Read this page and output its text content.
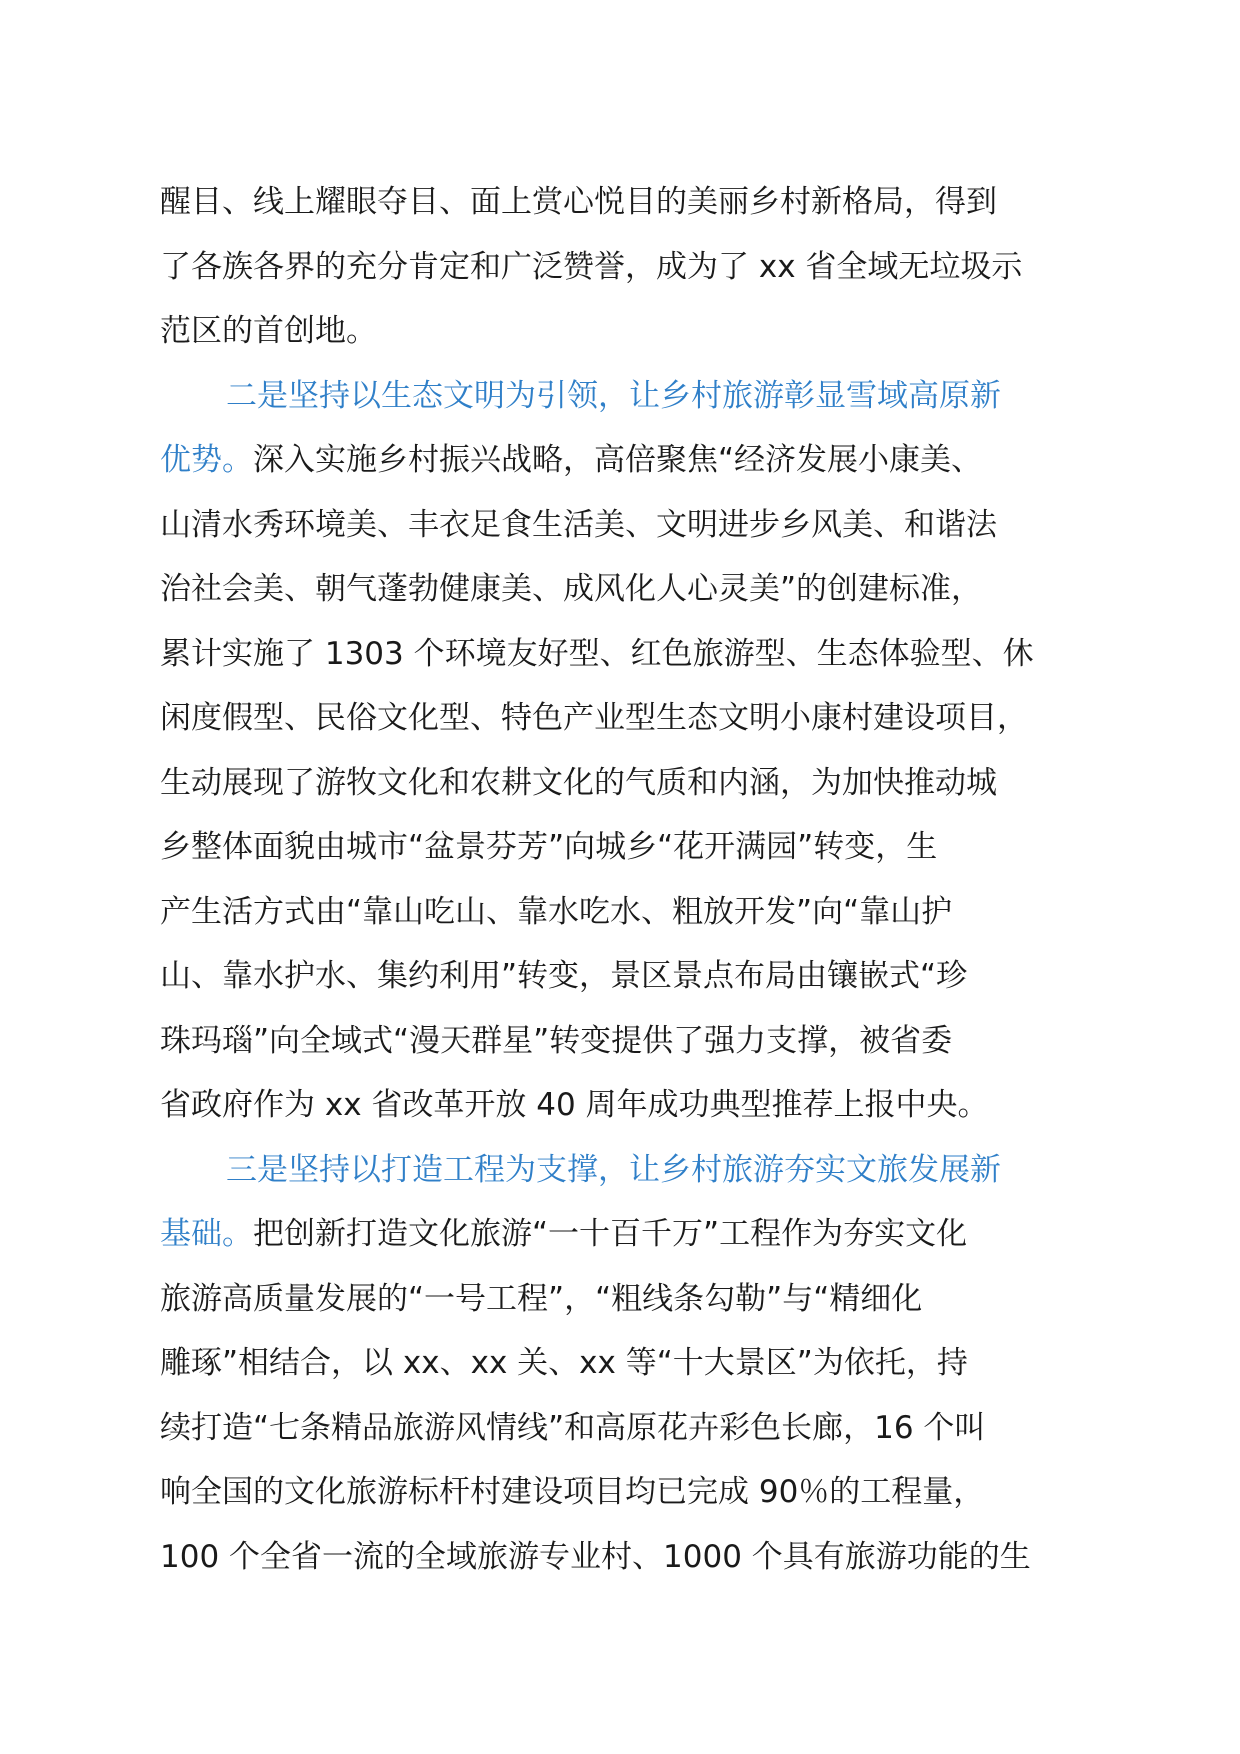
醒目、线上耀眼夺目、面上赏心悦目的美丽乡村新格局，得到
了各族各界的充分肯定和广泛赞誉，成为了 xx 省全域无垃圾示
范区的首创地。
二是坚持以生态文明为引领，让乡村旅游彰显雪域高原新
优势。深入实施乡村振兴战略，高倍聚焦“经济发展小康美、
山清水秀环境美、丰衣足食生活美、文明进步乡风美、和谐法
治社会美、朝气蓬勃健康美、成风化人心灵美”的创建标准，
累计实施了 1303 个环境友好型、红色旅游型、生态体验型、休
闲度假型、民俗文化型、特色产业型生态文明小康村建设项目，
生动展现了游牧文化和农耕文化的气质和内涵，为加快推动城
乡整体面貌由城市“盆景芬芳”向城乡“花开满园”转变，生
产生活方式由“靠山吃山、靠水吃水、粗放开发”向“靠山护
山、靠水护水、集约利用”转变，景区景点布局由镶嵌式“珍
珠玛瑙”向全域式“漫天群星”转变提供了强力支撑，被省委
省政府作为 xx 省改革开放 40 周年成功典型推荐上报中央。
三是坚持以打造工程为支撑，让乡村旅游夯实文旅发展新
基础。把创新打造文化旅游“一十百千万”工程作为夯实文化
旅游高质量发展的“一号工程”，“粗线条勾勒”与“精细化
雕琢”相结合，以 xx、xx 关、xx 等“十大景区”为依托，持
续打造“七条精品旅游风情线”和高原花卉彩色长廊，16 个叫
响全国的文化旅游标杆村建设项目均已完成 90％的工程量，
100 个全省一流的全域旅游专业村、1000 个具有旅游功能的生
